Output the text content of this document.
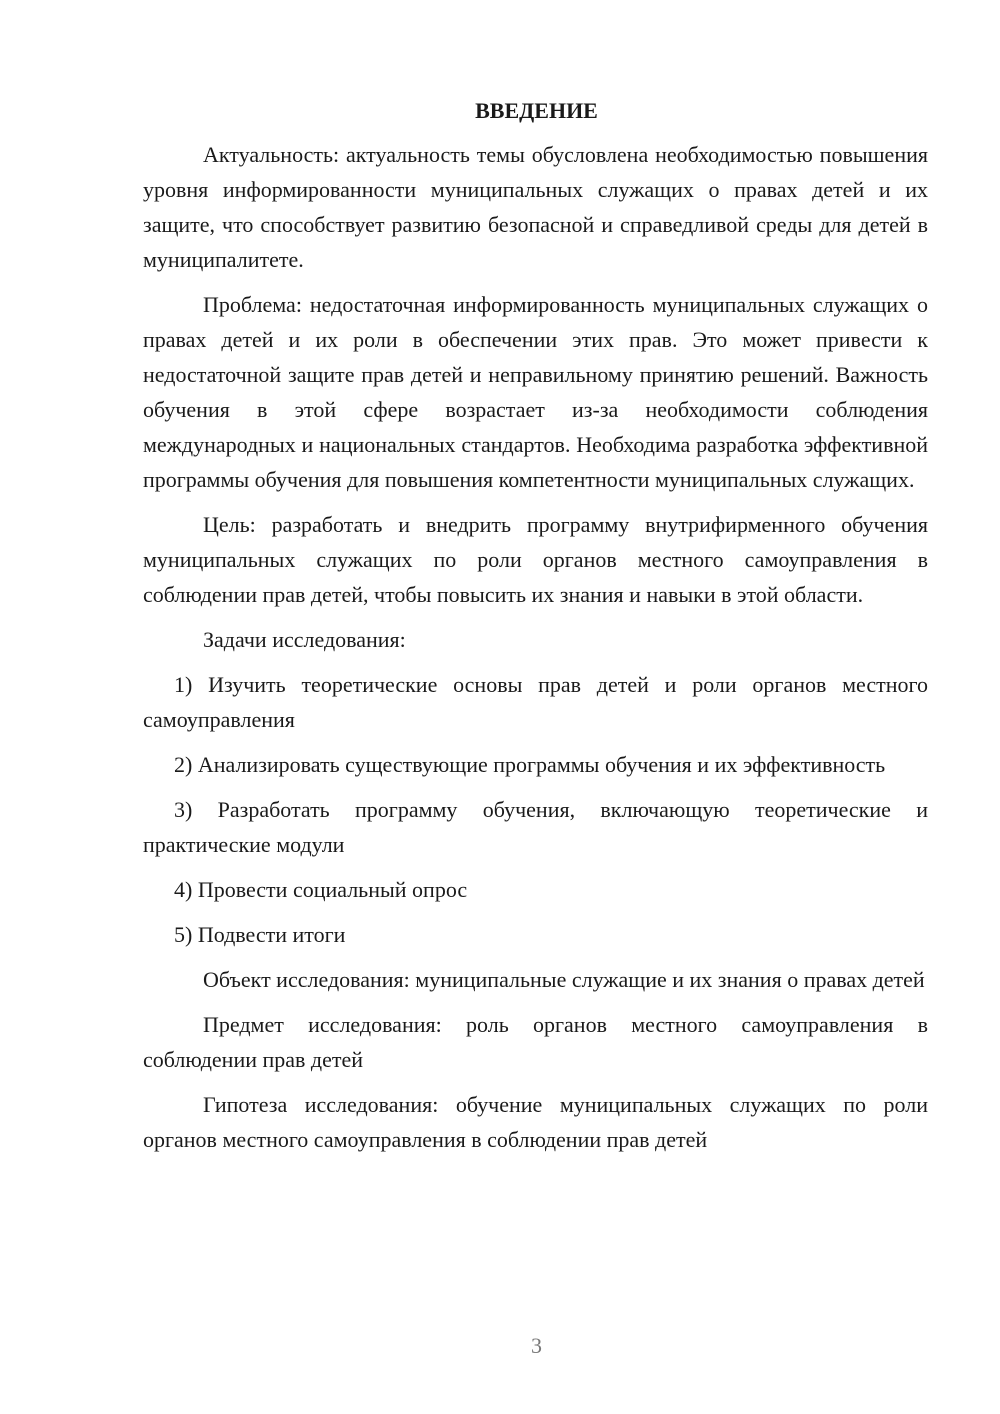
ВВЕДЕНИЕ

Актуальность: актуальность темы обусловлена необходимостью повышения уровня информированности муниципальных служащих о правах детей и их защите, что способствует развитию безопасной и справедливой среды для детей в муниципалитете.

Проблема: недостаточная информированность муниципальных служащих о правах детей и их роли в обеспечении этих прав. Это может привести к недостаточной защите прав детей и неправильному принятию решений. Важность обучения в этой сфере возрастает из-за необходимости соблюдения международных и национальных стандартов. Необходима разработка эффективной программы обучения для повышения компетентности муниципальных служащих.

Цель: разработать и внедрить программу внутрифирменного обучения муниципальных служащих по роли органов местного самоуправления в соблюдении прав детей, чтобы повысить их знания и навыки в этой области.

Задачи исследования:

1) Изучить теоретические основы прав детей и роли органов местного самоуправления

2) Анализировать существующие программы обучения и их эффективность

3) Разработать программу обучения, включающую теоретические и практические модули

4) Провести социальный опрос

5) Подвести итоги

Объект исследования: муниципальные служащие и их знания о правах детей

Предмет исследования: роль органов местного самоуправления в соблюдении прав детей

Гипотеза исследования: обучение муниципальных служащих по роли органов местного самоуправления в соблюдении прав детей

3
